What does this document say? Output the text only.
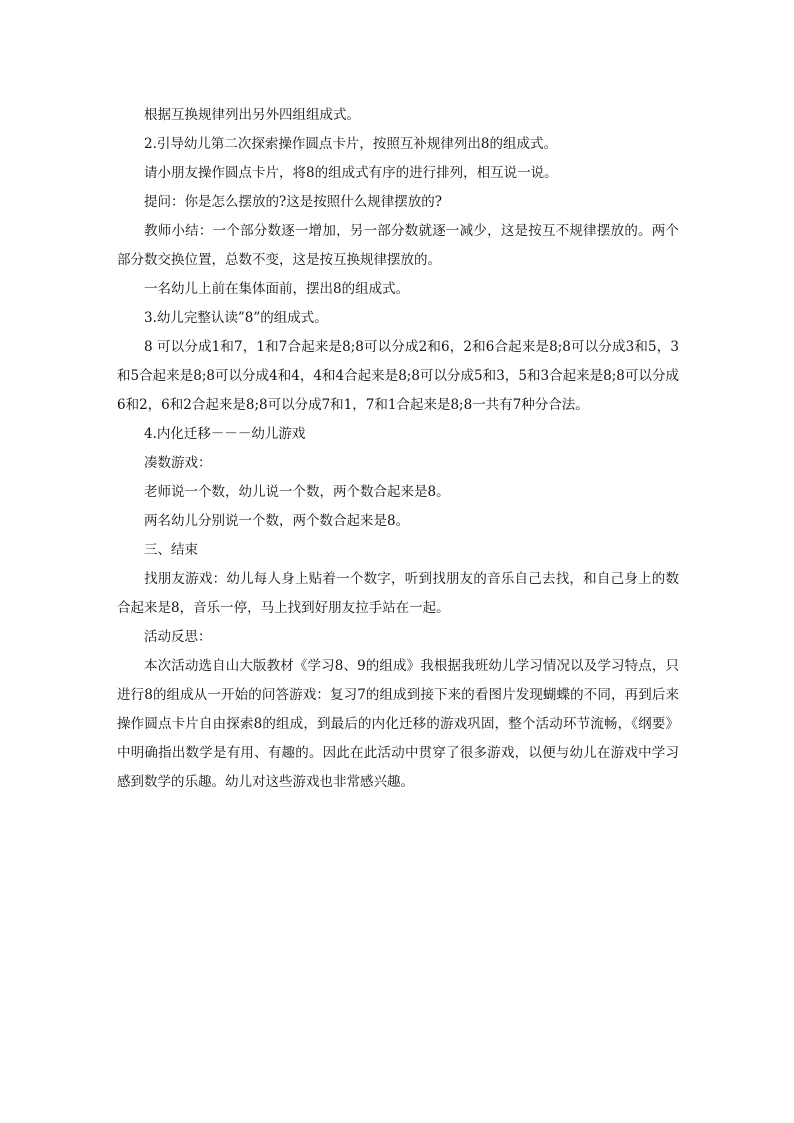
根据互换规律列出另外四组组成式。

2.引导幼儿第二次探索操作圆点卡片，按照互补规律列出8的组成式。

请小朋友操作圆点卡片，将8的组成式有序的进行排列，相互说一说。

提问：你是怎么摆放的?这是按照什么规律摆放的?

教师小结：一个部分数逐一增加，另一部分数就逐一减少，这是按互不规律摆放的。两个部分数交换位置，总数不变，这是按互换规律摆放的。

一名幼儿上前在集体面前，摆出8的组成式。

3.幼儿完整认读”8”的组成式。

8 可以分成1和7，1和7合起来是8;8可以分成2和6，2和6合起来是8;8可以分成3和5，3和5合起来是8;8可以分成4和4，4和4合起来是8;8可以分成5和3，5和3合起来是8;8可以分成6和2，6和2合起来是8;8可以分成7和1，7和1合起来是8;8一共有7种分合法。

4.内化迁移－－－幼儿游戏

凑数游戏：

老师说一个数，幼儿说一个数，两个数合起来是8。

两名幼儿分别说一个数，两个数合起来是8。

三、结束

找朋友游戏：幼儿每人身上贴着一个数字，听到找朋友的音乐自己去找，和自己身上的数合起来是8，音乐一停，马上找到好朋友拉手站在一起。

活动反思：

本次活动选自山大版教材《学习8、9的组成》我根据我班幼儿学习情况以及学习特点，只进行8的组成从一开始的问答游戏：复习7的组成到接下来的看图片发现蝴蝶的不同，再到后来操作圆点卡片自由探索8的组成，到最后的内化迁移的游戏巩固，整个活动环节流畅，《纲要》中明确指出数学是有用、有趣的。因此在此活动中贯穿了很多游戏，以便与幼儿在游戏中学习感到数学的乐趣。幼儿对这些游戏也非常感兴趣。
